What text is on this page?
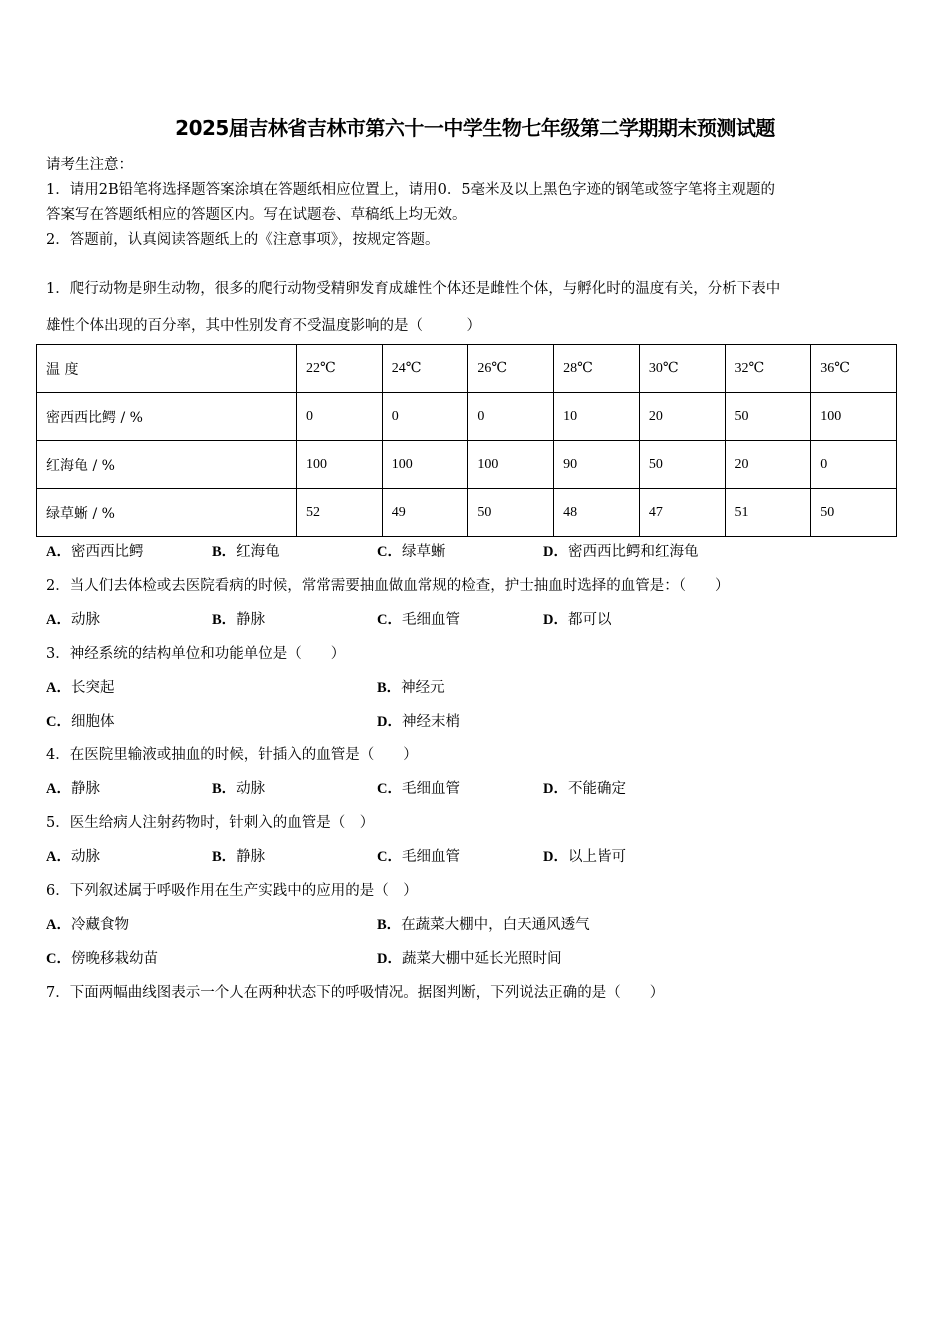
2025届吉林省吉林市第六十一中学生物七年级第二学期期末预测试题
请考生注意：
1．请用2B铅笔将选择题答案涂填在答题纸相应位置上，请用0．5毫米及以上黑色字迹的钢笔或签字笔将主观题的
答案写在答题纸相应的答题区内。写在试题卷、草稿纸上均无效。
2．答题前，认真阅读答题纸上的《注意事项》，按规定答题。
1．爬行动物是卵生动物，很多的爬行动物受精卵发育成雄性个体还是雌性个体，与孵化时的温度有关，分析下表中
雄性个体出现的百分率，其中性别发育不受温度影响的是（　　　）
温 度	22℃	24℃	26℃	28℃	30℃	32℃	36℃
密西西比鳄 / %	0	0	0	10	20	50	100
红海龟 / %	100	100	100	90	50	20	0
绿草蜥 / %	52	49	50	48	47	51	50
A．密西西比鳄	B．红海龟	C．绿草蜥	D．密西西比鳄和红海龟
2．当人们去体检或去医院看病的时候，常常需要抽血做血常规的检查，护士抽血时选择的血管是：（　　）
A．动脉	B．静脉	C．毛细血管	D．都可以
3．神经系统的结构单位和功能单位是（　　）
A．长突起	B．神经元
C．细胞体	D．神经末梢
4．在医院里输液或抽血的时候，针插入的血管是（　　）
A．静脉	B．动脉	C．毛细血管	D．不能确定
5．医生给病人注射药物时，针刺入的血管是（　）
A．动脉	B．静脉	C．毛细血管	D．以上皆可
6．下列叙述属于呼吸作用在生产实践中的应用的是（　）
A．冷藏食物	B．在蔬菜大棚中，白天通风透气
C．傍晚移栽幼苗	D．蔬菜大棚中延长光照时间
7．下面两幅曲线图表示一个人在两种状态下的呼吸情况。据图判断，下列说法正确的是（　　）
